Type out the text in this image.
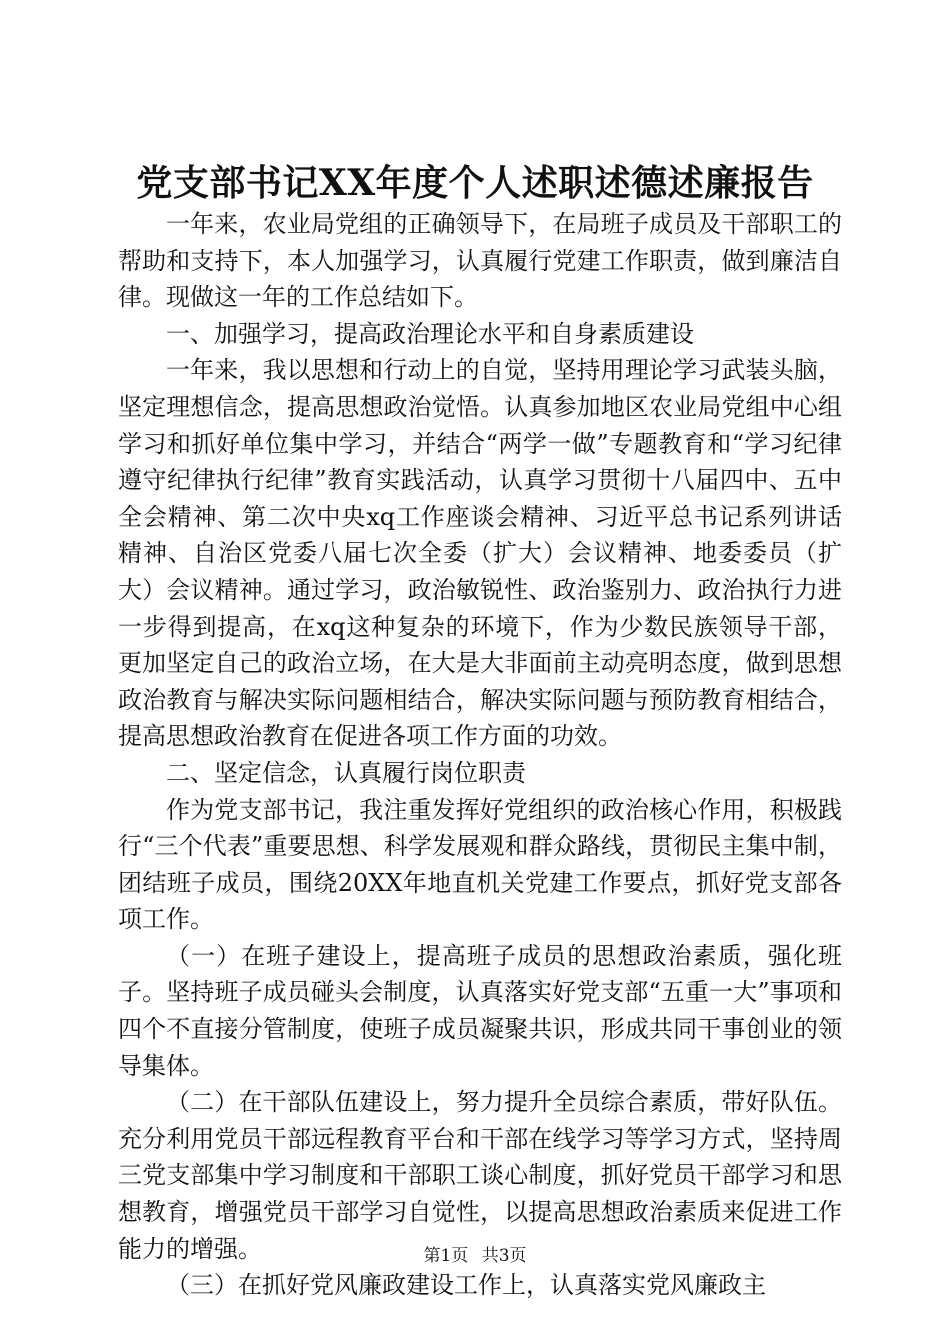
党支部书记XX年度个人述职述德述廉报告

一年来，农业局党组的正确领导下，在局班子成员及干部职工的帮助和支持下，本人加强学习，认真履行党建工作职责，做到廉洁自律。现做这一年的工作总结如下。

一、加强学习，提高政治理论水平和自身素质建设

一年来，我以思想和行动上的自觉，坚持用理论学习武装头脑，坚定理想信念，提高思想政治觉悟。认真参加地区农业局党组中心组学习和抓好单位集中学习，并结合“两学一做”专题教育和“学习纪律遵守纪律执行纪律”教育实践活动，认真学习贯彻十八届四中、五中全会精神、第二次中央xq工作座谈会精神、习近平总书记系列讲话精神、自治区党委八届七次全委（扩大）会议精神、地委委员（扩大）会议精神。通过学习，政治敏锐性、政治鉴别力、政治执行力进一步得到提高，在xq这种复杂的环境下，作为少数民族领导干部，更加坚定自己的政治立场，在大是大非面前主动亮明态度，做到思想政治教育与解决实际问题相结合，解决实际问题与预防教育相结合，提高思想政治教育在促进各项工作方面的功效。

二、坚定信念，认真履行岗位职责

作为党支部书记，我注重发挥好党组织的政治核心作用，积极践行“三个代表”重要思想、科学发展观和群众路线，贯彻民主集中制，团结班子成员，围绕20XX年地直机关党建工作要点，抓好党支部各项工作。

（一）在班子建设上，提高班子成员的思想政治素质，强化班子。坚持班子成员碰头会制度，认真落实好党支部“五重一大”事项和四个不直接分管制度，使班子成员凝聚共识，形成共同干事创业的领导集体。

（二）在干部队伍建设上，努力提升全员综合素质，带好队伍。充分利用党员干部远程教育平台和干部在线学习等学习方式，坚持周三党支部集中学习制度和干部职工谈心制度，抓好党员干部学习和思想教育，增强党员干部学习自觉性，以提高思想政治素质来促进工作能力的增强。

（三）在抓好党风廉政建设工作上，认真落实党风廉政主

第1页 共3页
